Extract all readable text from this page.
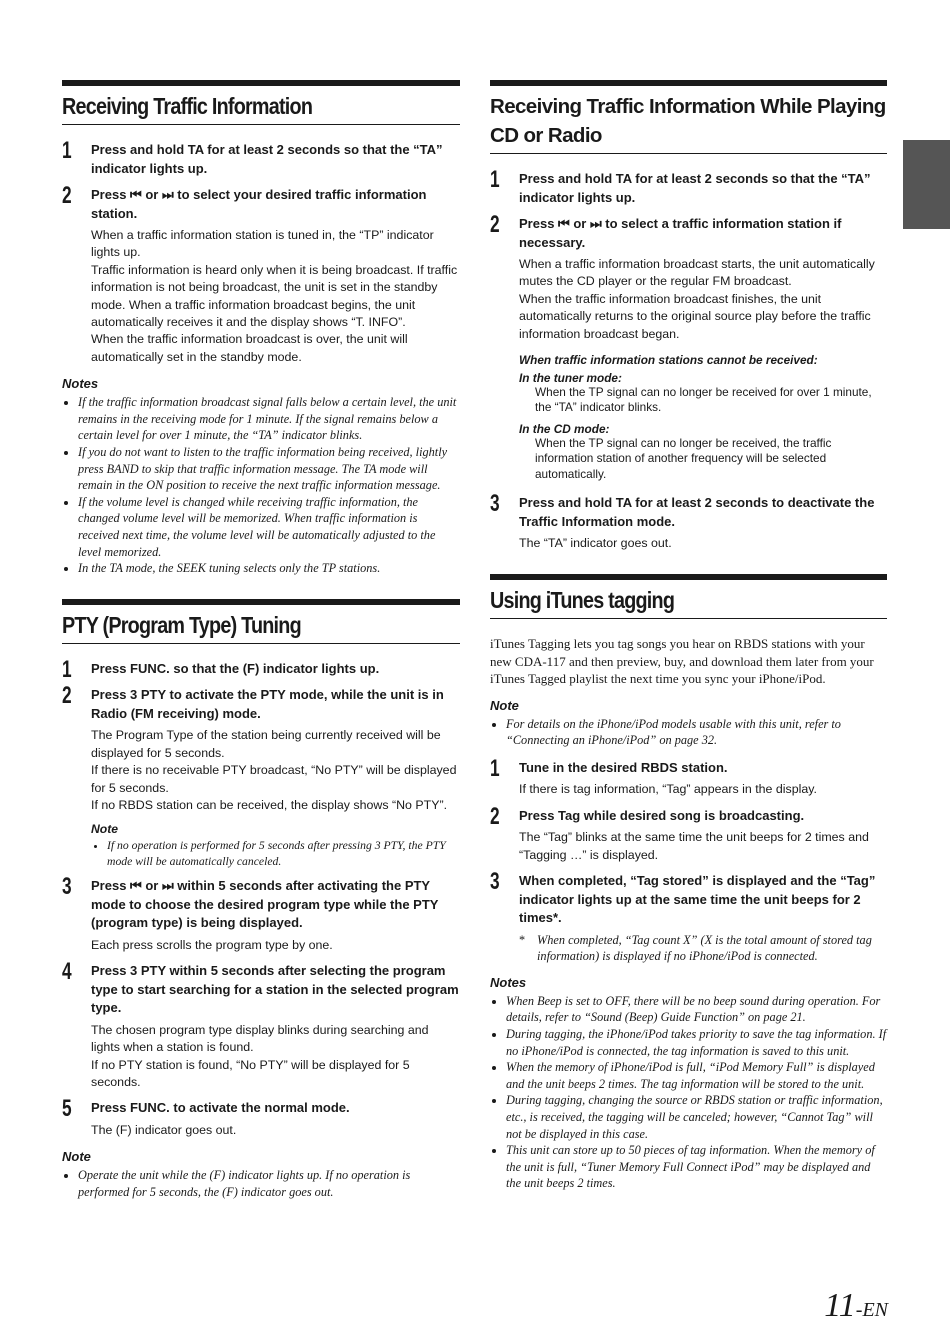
Receiving Traffic Information
1 Press and hold TA for at least 2 seconds so that the “TA” indicator lights up.

2 Press ⏮ or ⏭ to select your desired traffic information station.

When a traffic information station is tuned in, the “TP” indicator lights up.
Traffic information is heard only when it is being broadcast. If traffic information is not being broadcast, the unit is set in the standby mode. When a traffic information broadcast begins, the unit automatically receives it and the display shows “T. INFO”.
When the traffic information broadcast is over, the unit will automatically set in the standby mode.

Notes
• If the traffic information broadcast signal falls below a certain level, the unit remains in the receiving mode for 1 minute. If the signal remains below a certain level for over 1 minute, the “TA” indicator blinks.
• If you do not want to listen to the traffic information being received, lightly press BAND to skip that traffic information message. The TA mode will remain in the ON position to receive the next traffic information message.
• If the volume level is changed while receiving traffic information, the changed volume level will be memorized. When traffic information is received next time, the volume level will be automatically adjusted to the level memorized.
• In the TA mode, the SEEK tuning selects only the TP stations.
PTY (Program Type) Tuning
1 Press FUNC. so that the (F) indicator lights up.

2 Press 3 PTY to activate the PTY mode, while the unit is in Radio (FM receiving) mode.

The Program Type of the station being currently received will be displayed for 5 seconds.
If there is no receivable PTY broadcast, “No PTY” will be displayed for 5 seconds.
If no RBDS station can be received, the display shows “No PTY”.

Note
• If no operation is performed for 5 seconds after pressing 3 PTY, the PTY mode will be automatically canceled.
3 Press ⏮ or ⏭ within 5 seconds after activating the PTY mode to choose the desired program type while the PTY (program type) is being displayed.

Each press scrolls the program type by one.

4 Press 3 PTY within 5 seconds after selecting the program type to start searching for a station in the selected program type.

The chosen program type display blinks during searching and lights when a station is found.
If no PTY station is found, “No PTY” will be displayed for 5 seconds.

5 Press FUNC. to activate the normal mode.

The (F) indicator goes out.

Note
• Operate the unit while the (F) indicator lights up. If no operation is performed for 5 seconds, the (F) indicator goes out.
Receiving Traffic Information While Playing CD or Radio
1 Press and hold TA for at least 2 seconds so that the “TA” indicator lights up.

2 Press ⏮ or ⏭ to select a traffic information station if necessary.

When a traffic information broadcast starts, the unit automatically mutes the CD player or the regular FM broadcast.
When the traffic information broadcast finishes, the unit automatically returns to the original source play before the traffic information broadcast began.

When traffic information stations cannot be received:
In the tuner mode:

When the TP signal can no longer be received for over 1 minute, the “TA” indicator blinks.

In the CD mode:

When the TP signal can no longer be received, the traffic information station of another frequency will be selected automatically.

3 Press and hold TA for at least 2 seconds to deactivate the Traffic Information mode.

The “TA” indicator goes out.

Using iTunes tagging

iTunes Tagging lets you tag songs you hear on RBDS stations with your new CDA-117 and then preview, buy, and download them later from your iTunes Tagged playlist the next time you sync your iPhone/iPod.

Note
• For details on the iPhone/iPod models usable with this unit, refer to “Connecting an iPhone/iPod” on page 32.
1 Tune in the desired RBDS station.

If there is tag information, “Tag” appears in the display.

2 Press Tag while desired song is broadcasting.

The “Tag” blinks at the same time the unit beeps for 2 times and “Tagging …” is displayed.

3 When completed, “Tag stored” is displayed and the “Tag” indicator lights up at the same time the unit beeps for 2 times*.

* When completed, “Tag count X” (X is the total amount of stored tag information) is displayed if no iPhone/iPod is connected.
Notes
• When Beep is set to OFF, there will be no beep sound during operation. For details, refer to “Sound (Beep) Guide Function” on page 21.
• During tagging, the iPhone/iPod takes priority to save the tag information. If no iPhone/iPod is connected, the tag information is saved to this unit.
• When the memory of iPhone/iPod is full, “iPod Memory Full” is displayed and the unit beeps 2 times. The tag information will be stored to the unit.
• During tagging, changing the source or RBDS station or traffic information, etc., is received, the tagging will be canceled; however, “Cannot Tag” will not be displayed in this case.
• This unit can store up to 50 pieces of tag information. When the memory of the unit is full, “Tuner Memory Full Connect iPod” may be displayed and the unit beeps 2 times.
11-EN
